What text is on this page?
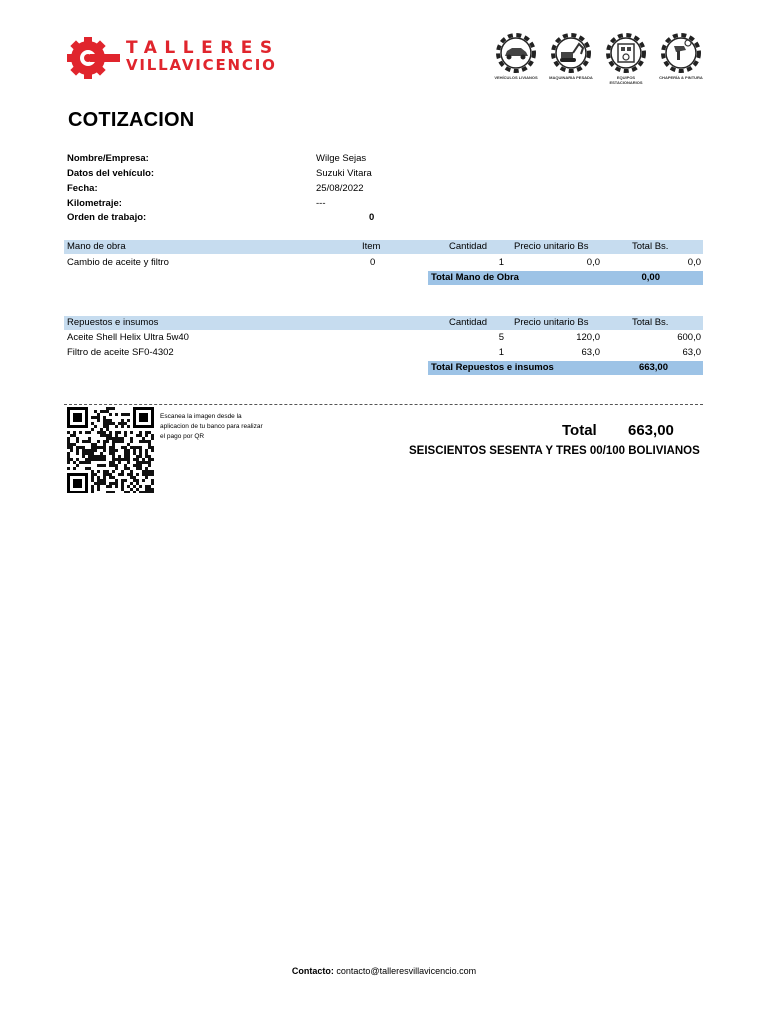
TALLERES
VILLAVICENCIO
VEHÍCULOS LIVIANOS	MAQUINARIA PESADA	EQUIPOS ESTACIONARIOS
CHAPERÍA & PINTURA
COTIZACION
Nombre/Empresa:	Wilge Sejas
Datos del vehículo:	Suzuki Vitara
Fecha:	25/08/2022
Kilometraje:	---
Orden de trabajo:	0
Mano de obra	Item	Cantidad	Precio unitario Bs	Total Bs.
Cambio de aceite y filtro	0	1	0,0	0,0
Total Mano de Obra	0,00
Repuestos e insumos	Cantidad	Precio unitario Bs	Total Bs.
Aceite Shell Helix Ultra 5w40	5	120,0	600,0
Filtro de aceite SF0-4302	1	63,0	63,0
Total Repuestos e insumos	663,00
Escanea la imagen desde la
aplicacion de tu banco para realizar
el pago por QR	Total 663,00
SEISCIENTOS SESENTA Y TRES 00/100 BOLIVIANOS
Contacto: contacto@talleresvillavicencio.com
